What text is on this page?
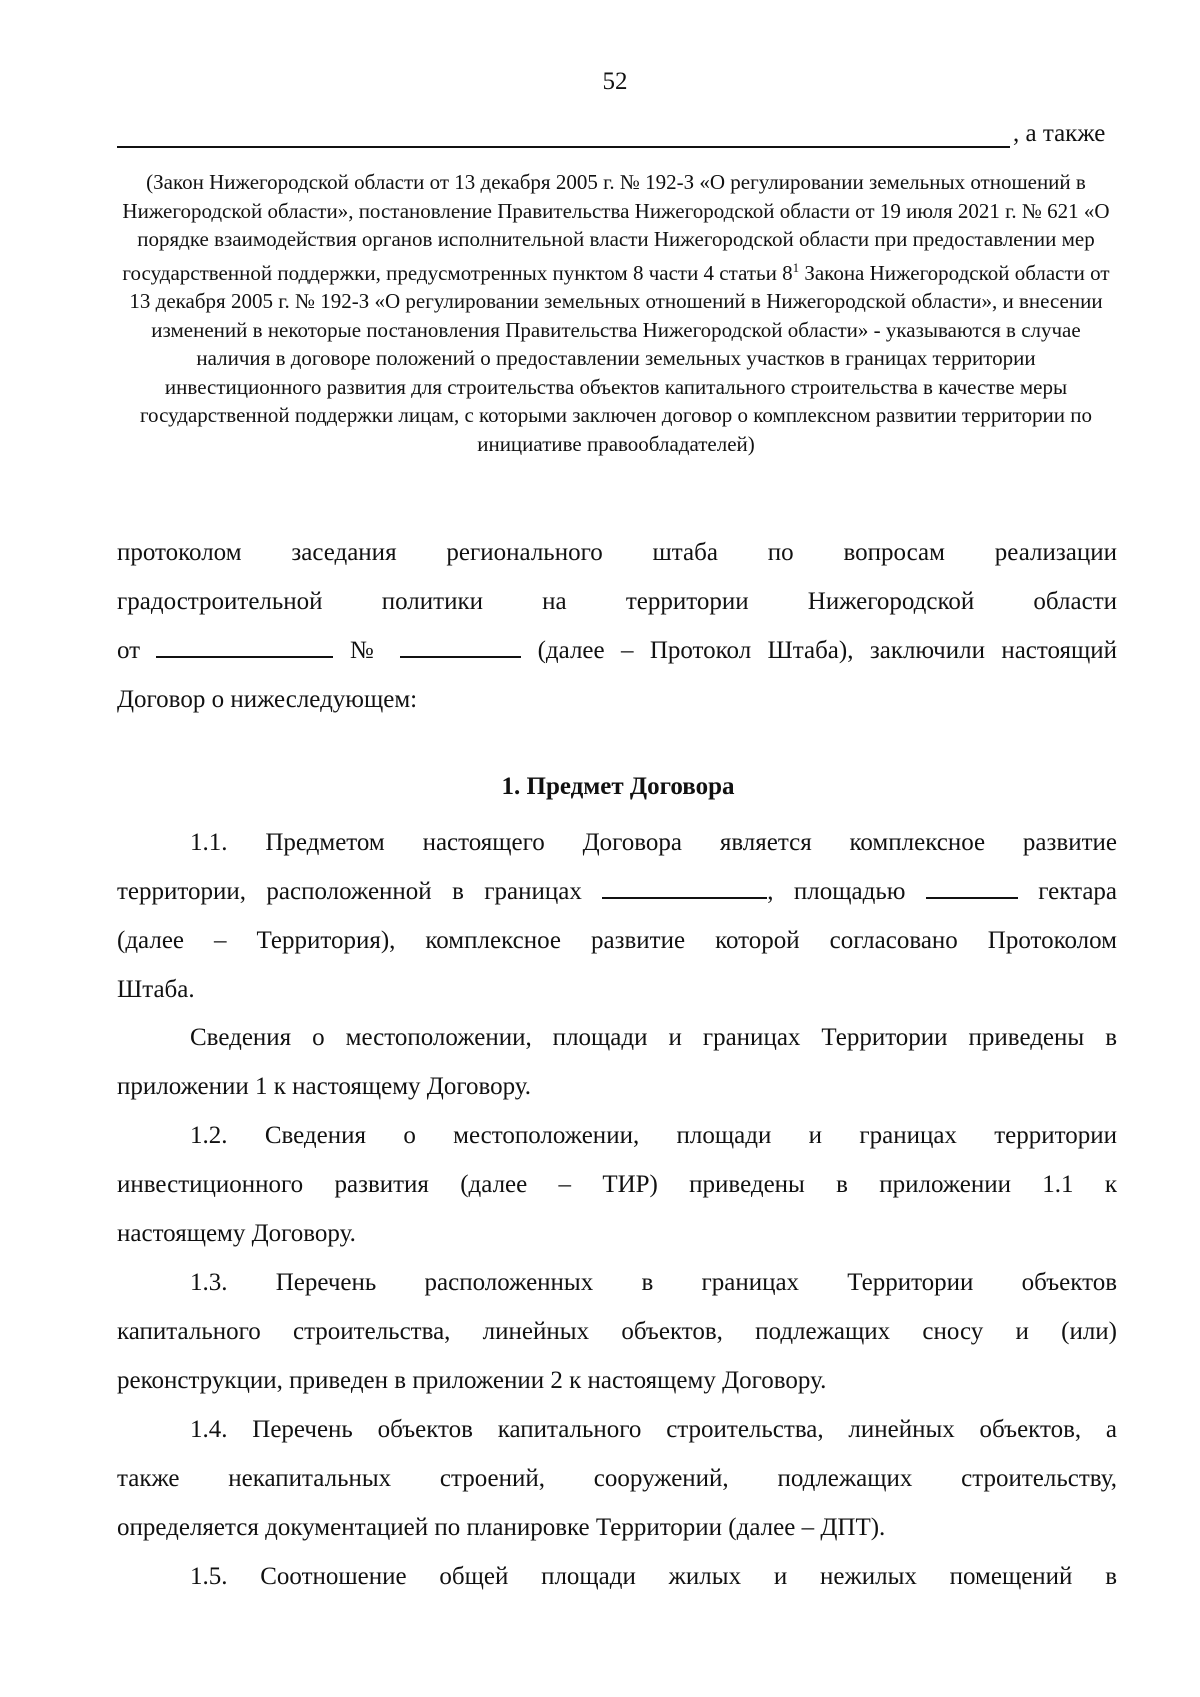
52
, а также
(Закон Нижегородской области от 13 декабря 2005 г. № 192-З «О регулировании земельных отношений в Нижегородской области», постановление Правительства Нижегородской области от 19 июля 2021 г. № 621 «О порядке взаимодействия органов исполнительной власти Нижегородской области при предоставлении мер государственной поддержки, предусмотренных пунктом 8 части 4 статьи $8^1$ Закона Нижегородской области от 13 декабря 2005 г. № 192-З «О регулировании земельных отношений в Нижегородской области», и внесении изменений в некоторые постановления Правительства Нижегородской области» - указываются в случае наличия в договоре положений о предоставлении земельных участков в границах территории инвестиционного развития для строительства объектов капитального строительства в качестве меры государственной поддержки лицам, с которыми заключен договор о комплексном развитии территории по инициативе правообладателей)
протоколом заседания регионального штаба по вопросам реализации
градостроительной политики на территории Нижегородской области
от	№	(далее – Протокол Штаба), заключили настоящий
Договор о нижеследующем:
1. Предмет Договора
1.1. Предметом настоящего Договора является комплексное развитие
территории, расположенной в границах	, площадью	гектара
(далее – Территория), комплексное развитие которой согласовано Протоколом
Штаба.
Сведения о местоположении, площади и границах Территории приведены в
приложении 1 к настоящему Договору.
1.2. Сведения о местоположении, площади и границах территории
инвестиционного развития (далее – ТИР) приведены в приложении 1.1 к
настоящему Договору.
1.3. Перечень расположенных в границах Территории объектов
капитального строительства, линейных объектов, подлежащих сносу и (или)
реконструкции, приведен в приложении 2 к настоящему Договору.
1.4. Перечень объектов капитального строительства, линейных объектов, а
также некапитальных строений, сооружений, подлежащих строительству,
определяется документацией по планировке Территории (далее – ДПТ).
1.5. Соотношение общей площади жилых и нежилых помещений в
